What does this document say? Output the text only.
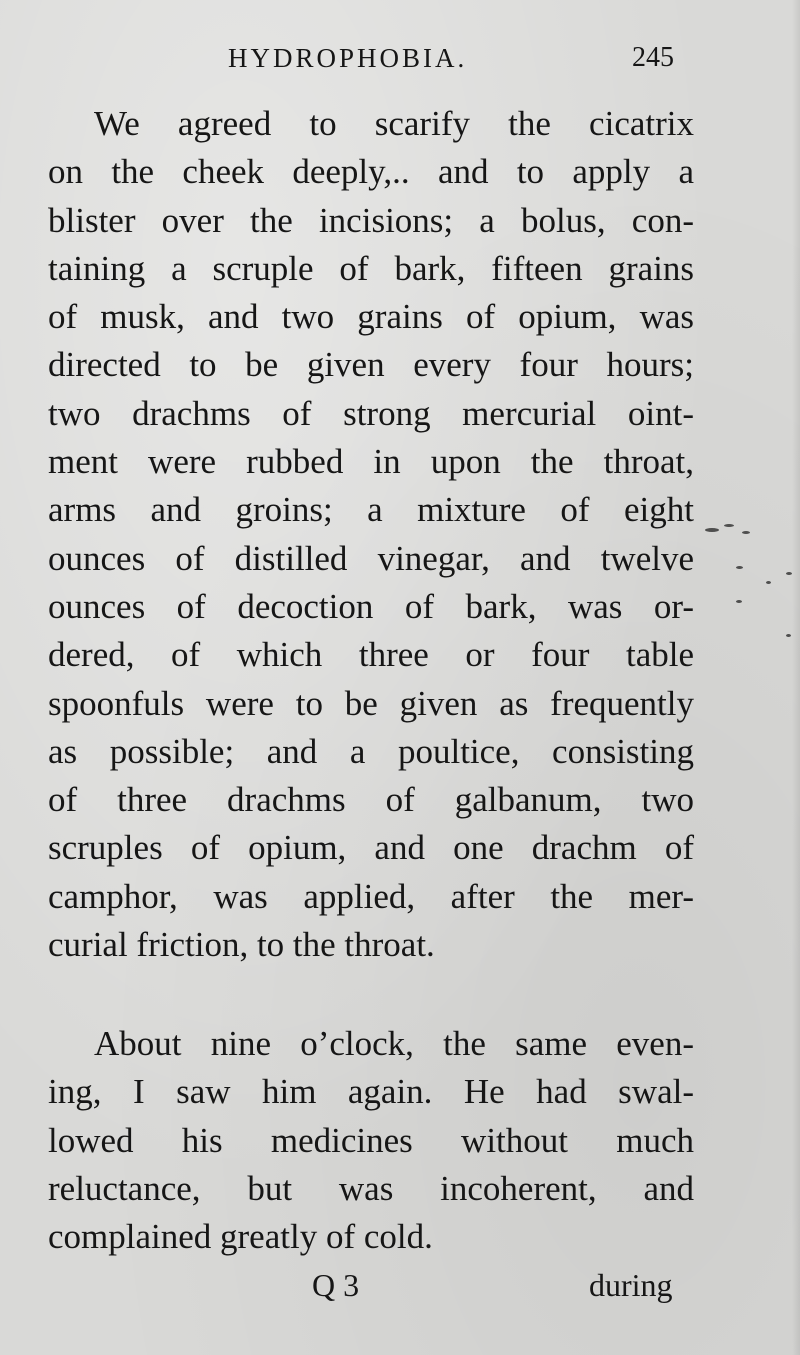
HYDROPHOBIA.	245
We agreed to scarify the cicatrix
on the cheek deeply,.. and to apply a
blister over the incisions; a bolus, con-
taining a scruple of bark, fifteen grains
of musk, and two grains of opium, was
directed to be given every four hours;
two drachms of strong mercurial oint-
ment were rubbed in upon the throat,
arms and groins; a mixture of eight
ounces of distilled vinegar, and twelve
ounces of decoction of bark, was or-
dered, of which three or four table
spoonfuls were to be given as frequently
as possible; and a poultice, consisting
of three drachms of galbanum, two
scruples of opium, and one drachm of
camphor, was applied, after the mer-
curial friction, to the throat.
About nine o’clock, the same even-
ing, I saw him again. He had swal-
lowed his medicines without much
reluctance, but was incoherent, and
complained greatly of cold.
Q 3	during
